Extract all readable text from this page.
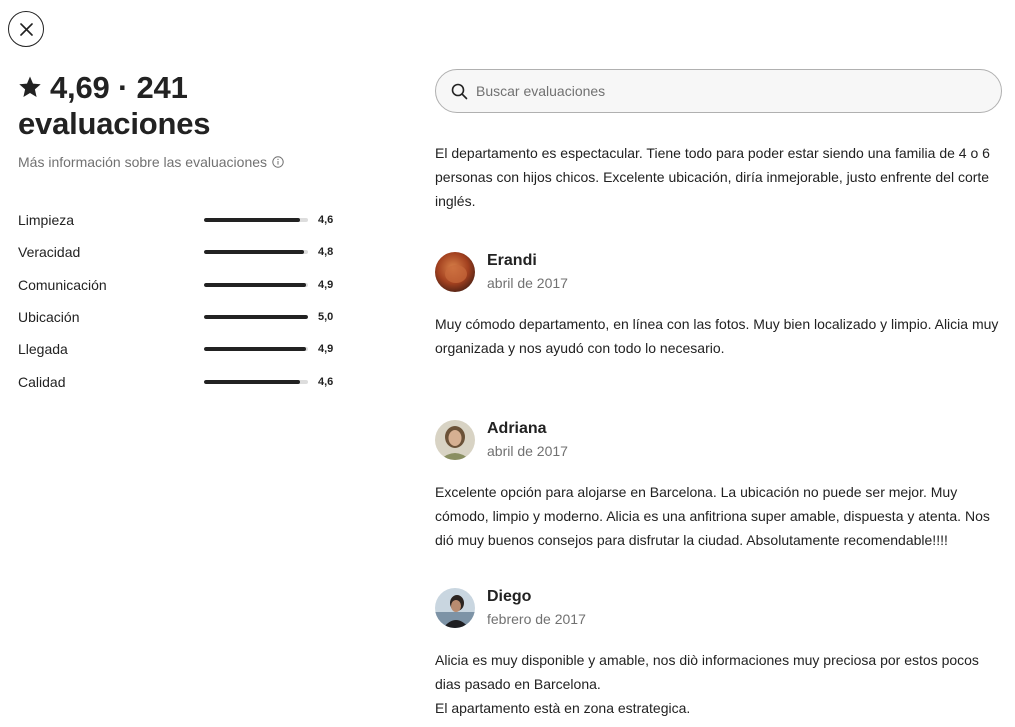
4,69 · 241
evaluaciones
Más información sobre las evaluaciones
Limpieza	4,6
Veracidad	4,8
Comunicación	4,9
Ubicación	5,0
Llegada	4,9
Calidad	4,6
Buscar evaluaciones
El departamento es espectacular. Tiene todo para poder estar siendo una familia de 4 o 6 personas con hijos chicos. Excelente ubicación, diría inmejorable, justo enfrente del corte inglés.
Erandi
abril de 2017
Muy cómodo departamento, en línea con las fotos. Muy bien localizado y limpio. Alicia muy organizada y nos ayudó con todo lo necesario.
Adriana
abril de 2017
Excelente opción para alojarse en Barcelona. La ubicación no puede ser mejor. Muy cómodo, limpio y moderno. Alicia es una anfitriona super amable, dispuesta y atenta. Nos dió muy buenos consejos para disfrutar la ciudad. Absolutamente recomendable!!!!
Diego
febrero de 2017
Alicia es muy disponible y amable, nos diò informaciones muy preciosa por estos pocos dias pasado en Barcelona.
El apartamento està en zona estrategica.
